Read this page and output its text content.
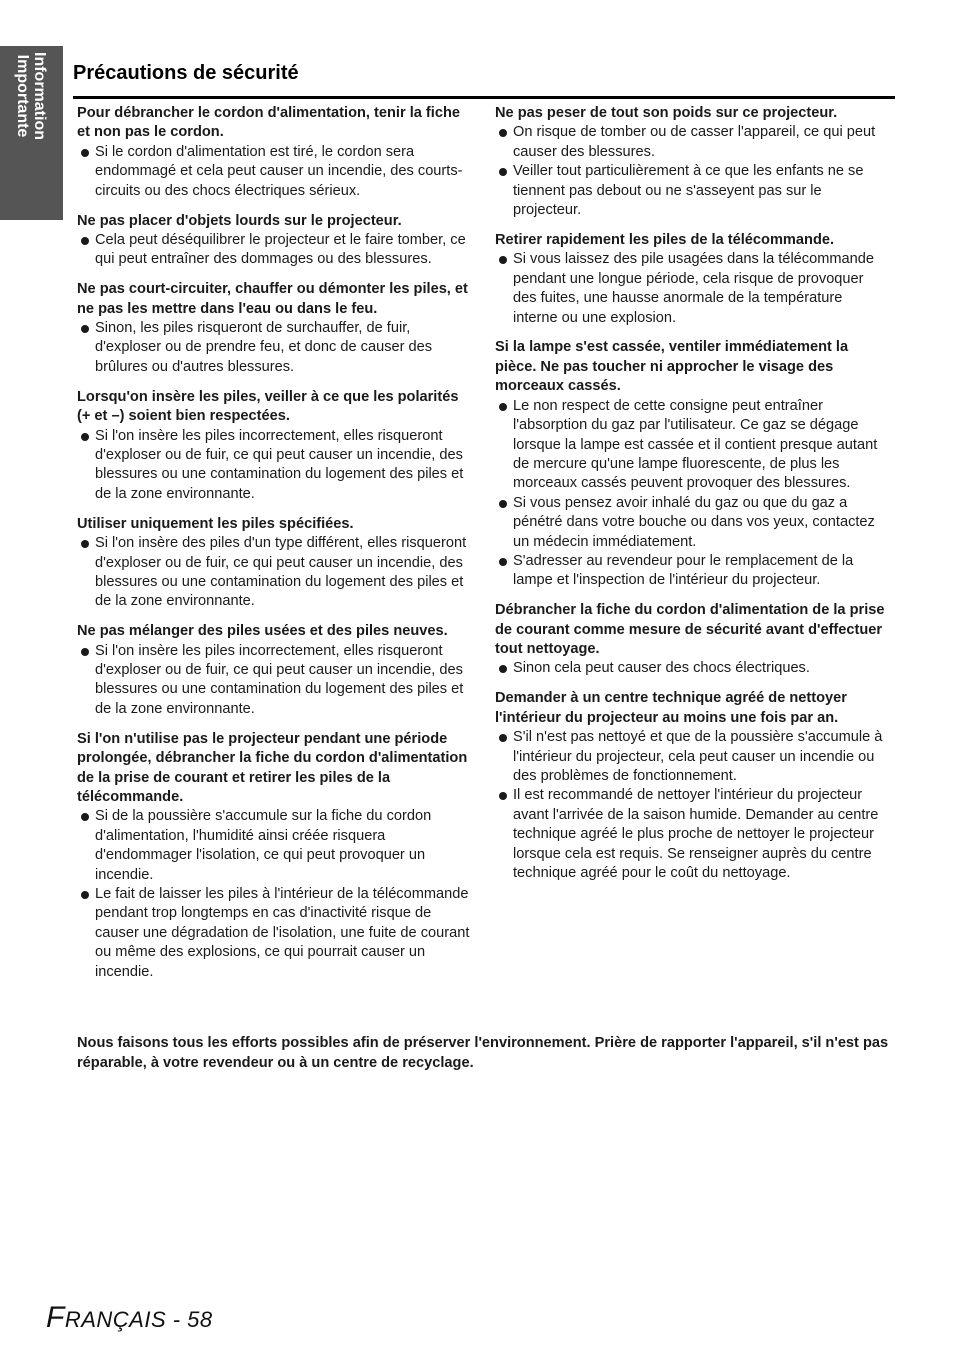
Information
Importante Précautions de sécurité

Pour débrancher le cordon d'alimentation, tenir la fiche et non pas le cordon.

Si le cordon d'alimentation est tiré, le cordon sera endommagé et cela peut causer un incendie, des courts-circuits ou des chocs électriques sérieux.

Ne pas placer d'objets lourds sur le projecteur.

Cela peut déséquilibrer le projecteur et le faire tomber, ce qui peut entraîner des dommages ou des blessures.

Ne pas court-circuiter, chauffer ou démonter les piles, et ne pas les mettre dans l'eau ou dans le feu.

Sinon, les piles risqueront de surchauffer, de fuir, d'exploser ou de prendre feu, et donc de causer des brûlures ou d'autres blessures.

Lorsqu'on insère les piles, veiller à ce que les polarités (+ et –) soient bien respectées.

Si l'on insère les piles incorrectement, elles risqueront d'exploser ou de fuir, ce qui peut causer un incendie, des blessures ou une contamination du logement des piles et de la zone environnante.

Utiliser uniquement les piles spécifiées.

Si l'on insère des piles d'un type différent, elles risqueront d'exploser ou de fuir, ce qui peut causer un incendie, des blessures ou une contamination du logement des piles et de la zone environnante.

Ne pas mélanger des piles usées et des piles neuves.

Si l'on insère les piles incorrectement, elles risqueront d'exploser ou de fuir, ce qui peut causer un incendie, des blessures ou une contamination du logement des piles et de la zone environnante.

Si l'on n'utilise pas le projecteur pendant une période prolongée, débrancher la fiche du cordon d'alimentation de la prise de courant et retirer les piles de la télécommande.

Si de la poussière s'accumule sur la fiche du cordon d'alimentation, l'humidité ainsi créée risquera d'endommager l'isolation, ce qui peut provoquer un incendie.
Le fait de laisser les piles à l'intérieur de la télécommande pendant trop longtemps en cas d'inactivité risque de causer une dégradation de l'isolation, une fuite de courant ou même des explosions, ce qui pourrait causer un incendie.

Ne pas peser de tout son poids sur ce projecteur.

On risque de tomber ou de casser l'appareil, ce qui peut causer des blessures.
Veiller tout particulièrement à ce que les enfants ne se tiennent pas debout ou ne s'asseyent pas sur le projecteur.

Retirer rapidement les piles de la télécommande.

Si vous laissez des pile usagées dans la télécommande pendant une longue période, cela risque de provoquer des fuites, une hausse anormale de la température interne ou une explosion.

Si la lampe s'est cassée, ventiler immédiatement la pièce. Ne pas toucher ni approcher le visage des morceaux cassés.

Le non respect de cette consigne peut entraîner l'absorption du gaz par l'utilisateur. Ce gaz se dégage lorsque la lampe est cassée et il contient presque autant de mercure qu'une lampe fluorescente, de plus les morceaux cassés peuvent provoquer des blessures.
Si vous pensez avoir inhalé du gaz ou que du gaz a pénétré dans votre bouche ou dans vos yeux, contactez un médecin immédiatement.
S'adresser au revendeur pour le remplacement de la lampe et l'inspection de l'intérieur du projecteur.

Débrancher la fiche du cordon d'alimentation de la prise de courant comme mesure de sécurité avant d'effectuer tout nettoyage.

Sinon cela peut causer des chocs électriques.

Demander à un centre technique agréé de nettoyer l'intérieur du projecteur au moins une fois par an.

S'il n'est pas nettoyé et que de la poussière s'accumule à l'intérieur du projecteur, cela peut causer un incendie ou des problèmes de fonctionnement.
Il est recommandé de nettoyer l'intérieur du projecteur avant l'arrivée de la saison humide. Demander au centre technique agréé le plus proche de nettoyer le projecteur lorsque cela est requis. Se renseigner auprès du centre technique agréé pour le coût du nettoyage.

Nous faisons tous les efforts possibles afin de préserver l'environnement. Prière de rapporter l'appareil, s'il n'est pas réparable, à votre revendeur ou à un centre de recyclage.

FRANÇAIS - 58
